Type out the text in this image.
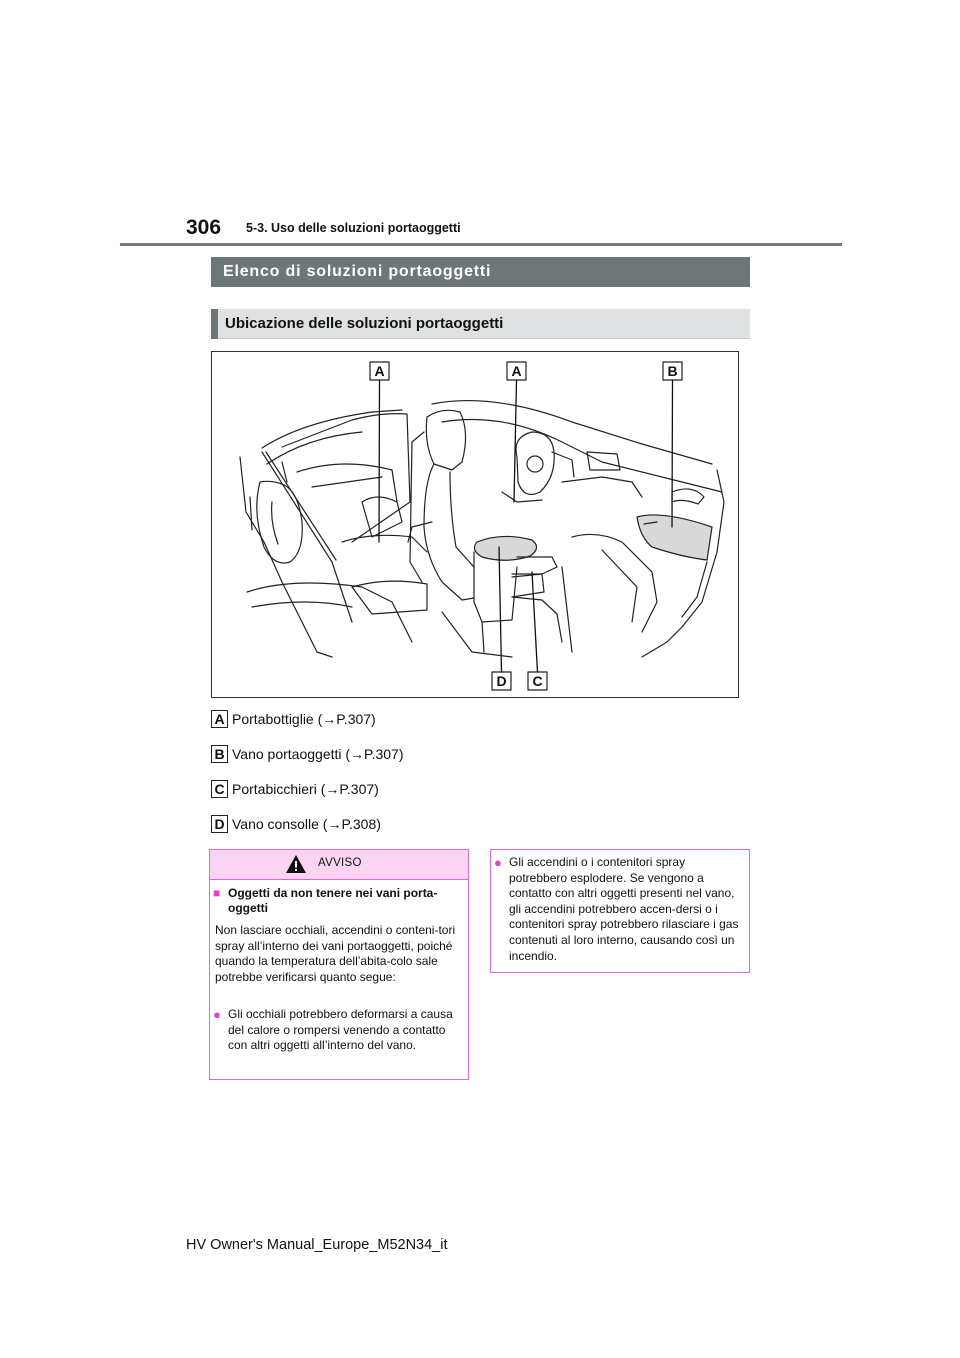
306 5-3. Uso delle soluzioni portaoggetti
Elenco di soluzioni portaoggetti
Ubicazione delle soluzioni portaoggetti
A	A	B
D C
A Portabottiglie (→P.307)
B Vano portaoggetti (→P.307)
C Portabicchieri (→P.307)
D Vano consolle (→P.308)
AVVISO
■ Oggetti da non tenere nei vani porta-oggetti
Non lasciare occhiali, accendini o conteni-tori spray all’interno dei vani portaoggetti, poiché quando la temperatura dell’abita-colo sale potrebbe verificarsi quanto segue:
● Gli occhiali potrebbero deformarsi a causa del calore o rompersi venendo a contatto con altri oggetti all’interno del vano.
● Gli accendini o i contenitori spray potrebbero esplodere. Se vengono a contatto con altri oggetti presenti nel vano, gli accendini potrebbero accen-dersi o i contenitori spray potrebbero rilasciare i gas contenuti al loro interno, causando così un incendio.
HV Owner's Manual_Europe_M52N34_it
